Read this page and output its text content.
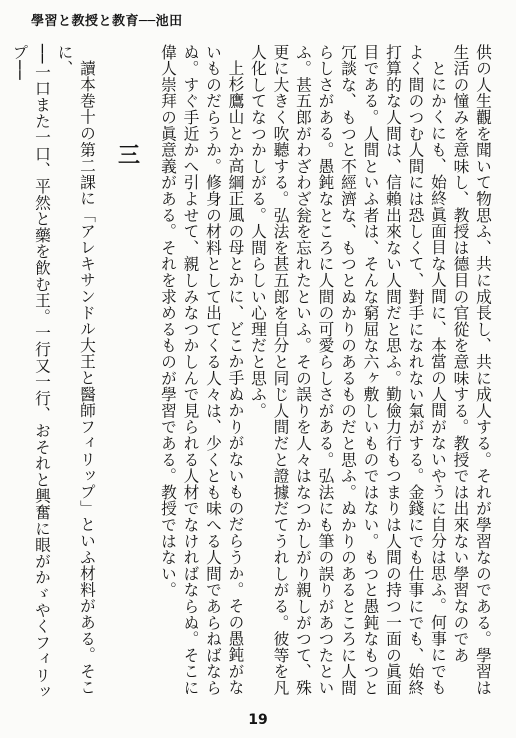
學習と教授と教育──池田

供の人生觀を聞いて物思ふ、共に成長し、共に成人する。それが學習なのである。學習は生活の憧みを意味し、教授は德目の官從を意味する。教授では出來ない學習なのであ

とにかくにも、始終眞面目な人間に、本當の人間がないやうに自分は思ふ。何事にでもよく間のつむ人間には恐しくて、對手になれない氣がする。金錢にでも仕事にでも、始終打算的な人間は、信賴出來ない人間だと思ふ。勤儉力行もつまりは人間の持つ一面の眞面目である。人間といふ者は、そんな窮屈な六ヶ敷しいものではない。もつと愚鈍なもつと冗談な、もつと不經濟な、もつとぬかりのあるものだと思ふ。ぬかりのあるところに人間らしさがある。愚鈍なところに人間の可愛らしさがある。弘法にも筆の誤りがあつたといふ。甚五郎がわざわざ瓮を忘れたといふ。その誤りを人々はなつかしがり親しがつて、殊更に大きく吹聽する。弘法を甚五郎を自分と同じ人間だと證據だてうれしがる。彼等を凡人化してなつかしがる。人間らしい心理だと思ふ。

上杉鷹山とか高綱正風の母とかに、どこか手ぬかりがないものだらうか。その愚鈍がないものだらうか。修身の材料として出てくる人々は、少くとも味へる人間であらねばならぬ。すぐ手近かへ引よせて、親しみなつかしんで見られる人材でなければならぬ。そこに偉人崇拜の眞意義がある。それを求めるものが學習である。教授ではない。

三

讀本巻十の第二課に「アレキサンドル大王と醫師フィリップ」といふ材料がある。そこに、

──一口また一口、平然と藥を飮む王。一行又一行、おそれと興奮に眼がかゞやくフィリップ──

19
